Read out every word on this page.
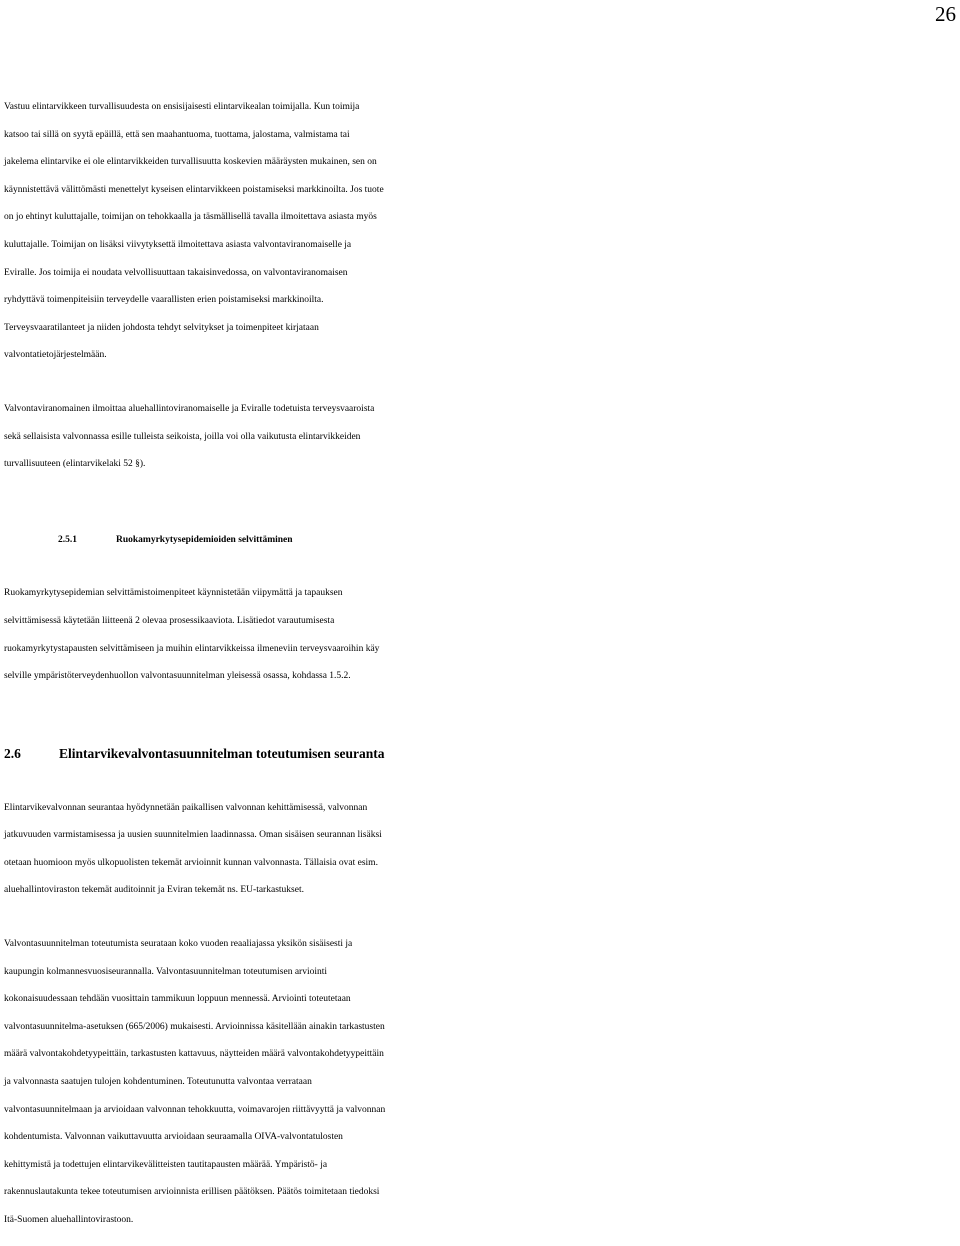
26
Vastuu elintarvikkeen turvallisuudesta on ensisijaisesti elintarvikealan toimijalla. Kun toimija
katsoo tai sillä on syytä epäillä, että sen maahantuoma, tuottama, jalostama, valmistama tai
jakelema elintarvike ei ole elintarvikkeiden turvallisuutta koskevien määräysten mukainen, sen on
käynnistettävä välittömästi menettelyt kyseisen elintarvikkeen poistamiseksi markkinoilta. Jos tuote
on jo ehtinyt kuluttajalle, toimijan on tehokkaalla ja täsmällisellä tavalla ilmoitettava asiasta myös
kuluttajalle. Toimijan on lisäksi viivytyksettä ilmoitettava asiasta valvontaviranomaiselle ja
Eviralle. Jos toimija ei noudata velvollisuuttaan takaisinvedossa, on valvontaviranomaisen
ryhdyttävä toimenpiteisiin terveydelle vaarallisten erien poistamiseksi markkinoilta.
Terveysvaaratilanteet ja niiden johdosta tehdyt selvitykset ja toimenpiteet kirjataan
valvontatietojärjestelmään.
Valvontaviranomainen ilmoittaa aluehallintoviranomaiselle ja Eviralle todetuista terveysvaaroista
sekä sellaisista valvonnassa esille tulleista seikoista, joilla voi olla vaikutusta elintarvikkeiden
turvallisuuteen (elintarvikelaki 52 §).
2.5.1	Ruokamyrkytysepidemioiden selvittäminen
Ruokamyrkytysepidemian selvittämistoimenpiteet käynnistetään viipymättä ja tapauksen
selvittämisessä käytetään liitteenä 2 olevaa prosessikaaviota. Lisätiedot varautumisesta
ruokamyrkytystapausten selvittämiseen ja muihin elintarvikkeissa ilmeneviin terveysvaaroihin käy
selville ympäristöterveydenhuollon valvontasuunnitelman yleisessä osassa, kohdassa 1.5.2.
2.6	Elintarvikevalvontasuunnitelman toteutumisen seuranta
Elintarvikevalvonnan seurantaa hyödynnetään paikallisen valvonnan kehittämisessä, valvonnan
jatkuvuuden varmistamisessa ja uusien suunnitelmien laadinnassa. Oman sisäisen seurannan lisäksi
otetaan huomioon myös ulkopuolisten tekemät arvioinnit kunnan valvonnasta. Tällaisia ovat esim.
aluehallintoviraston tekemät auditoinnit ja Eviran tekemät ns. EU-tarkastukset.
Valvontasuunnitelman toteutumista seurataan koko vuoden reaaliajassa yksikön sisäisesti ja
kaupungin kolmannesvuosiseurannalla. Valvontasuunnitelman toteutumisen arviointi
kokonaisuudessaan tehdään vuosittain tammikuun loppuun mennessä. Arviointi toteutetaan
valvontasuunnitelma-asetuksen (665/2006) mukaisesti. Arvioinnissa käsitellään ainakin tarkastusten
määrä valvontakohdetyypeittäin, tarkastusten kattavuus, näytteiden määrä valvontakohdetyypeittäin
ja valvonnasta saatujen tulojen kohdentuminen. Toteutunutta valvontaa verrataan
valvontasuunnitelmaan ja arvioidaan valvonnan tehokkuutta, voimavarojen riittävyyttä ja valvonnan
kohdentumista. Valvonnan vaikuttavuutta arvioidaan seuraamalla OIVA-valvontatulosten
kehittymistä ja todettujen elintarvikevälitteisten tautitapausten määrää. Ympäristö- ja
rakennuslautakunta tekee toteutumisen arvioinnista erillisen päätöksen. Päätös toimitetaan tiedoksi
Itä-Suomen aluehallintovirastoon.
